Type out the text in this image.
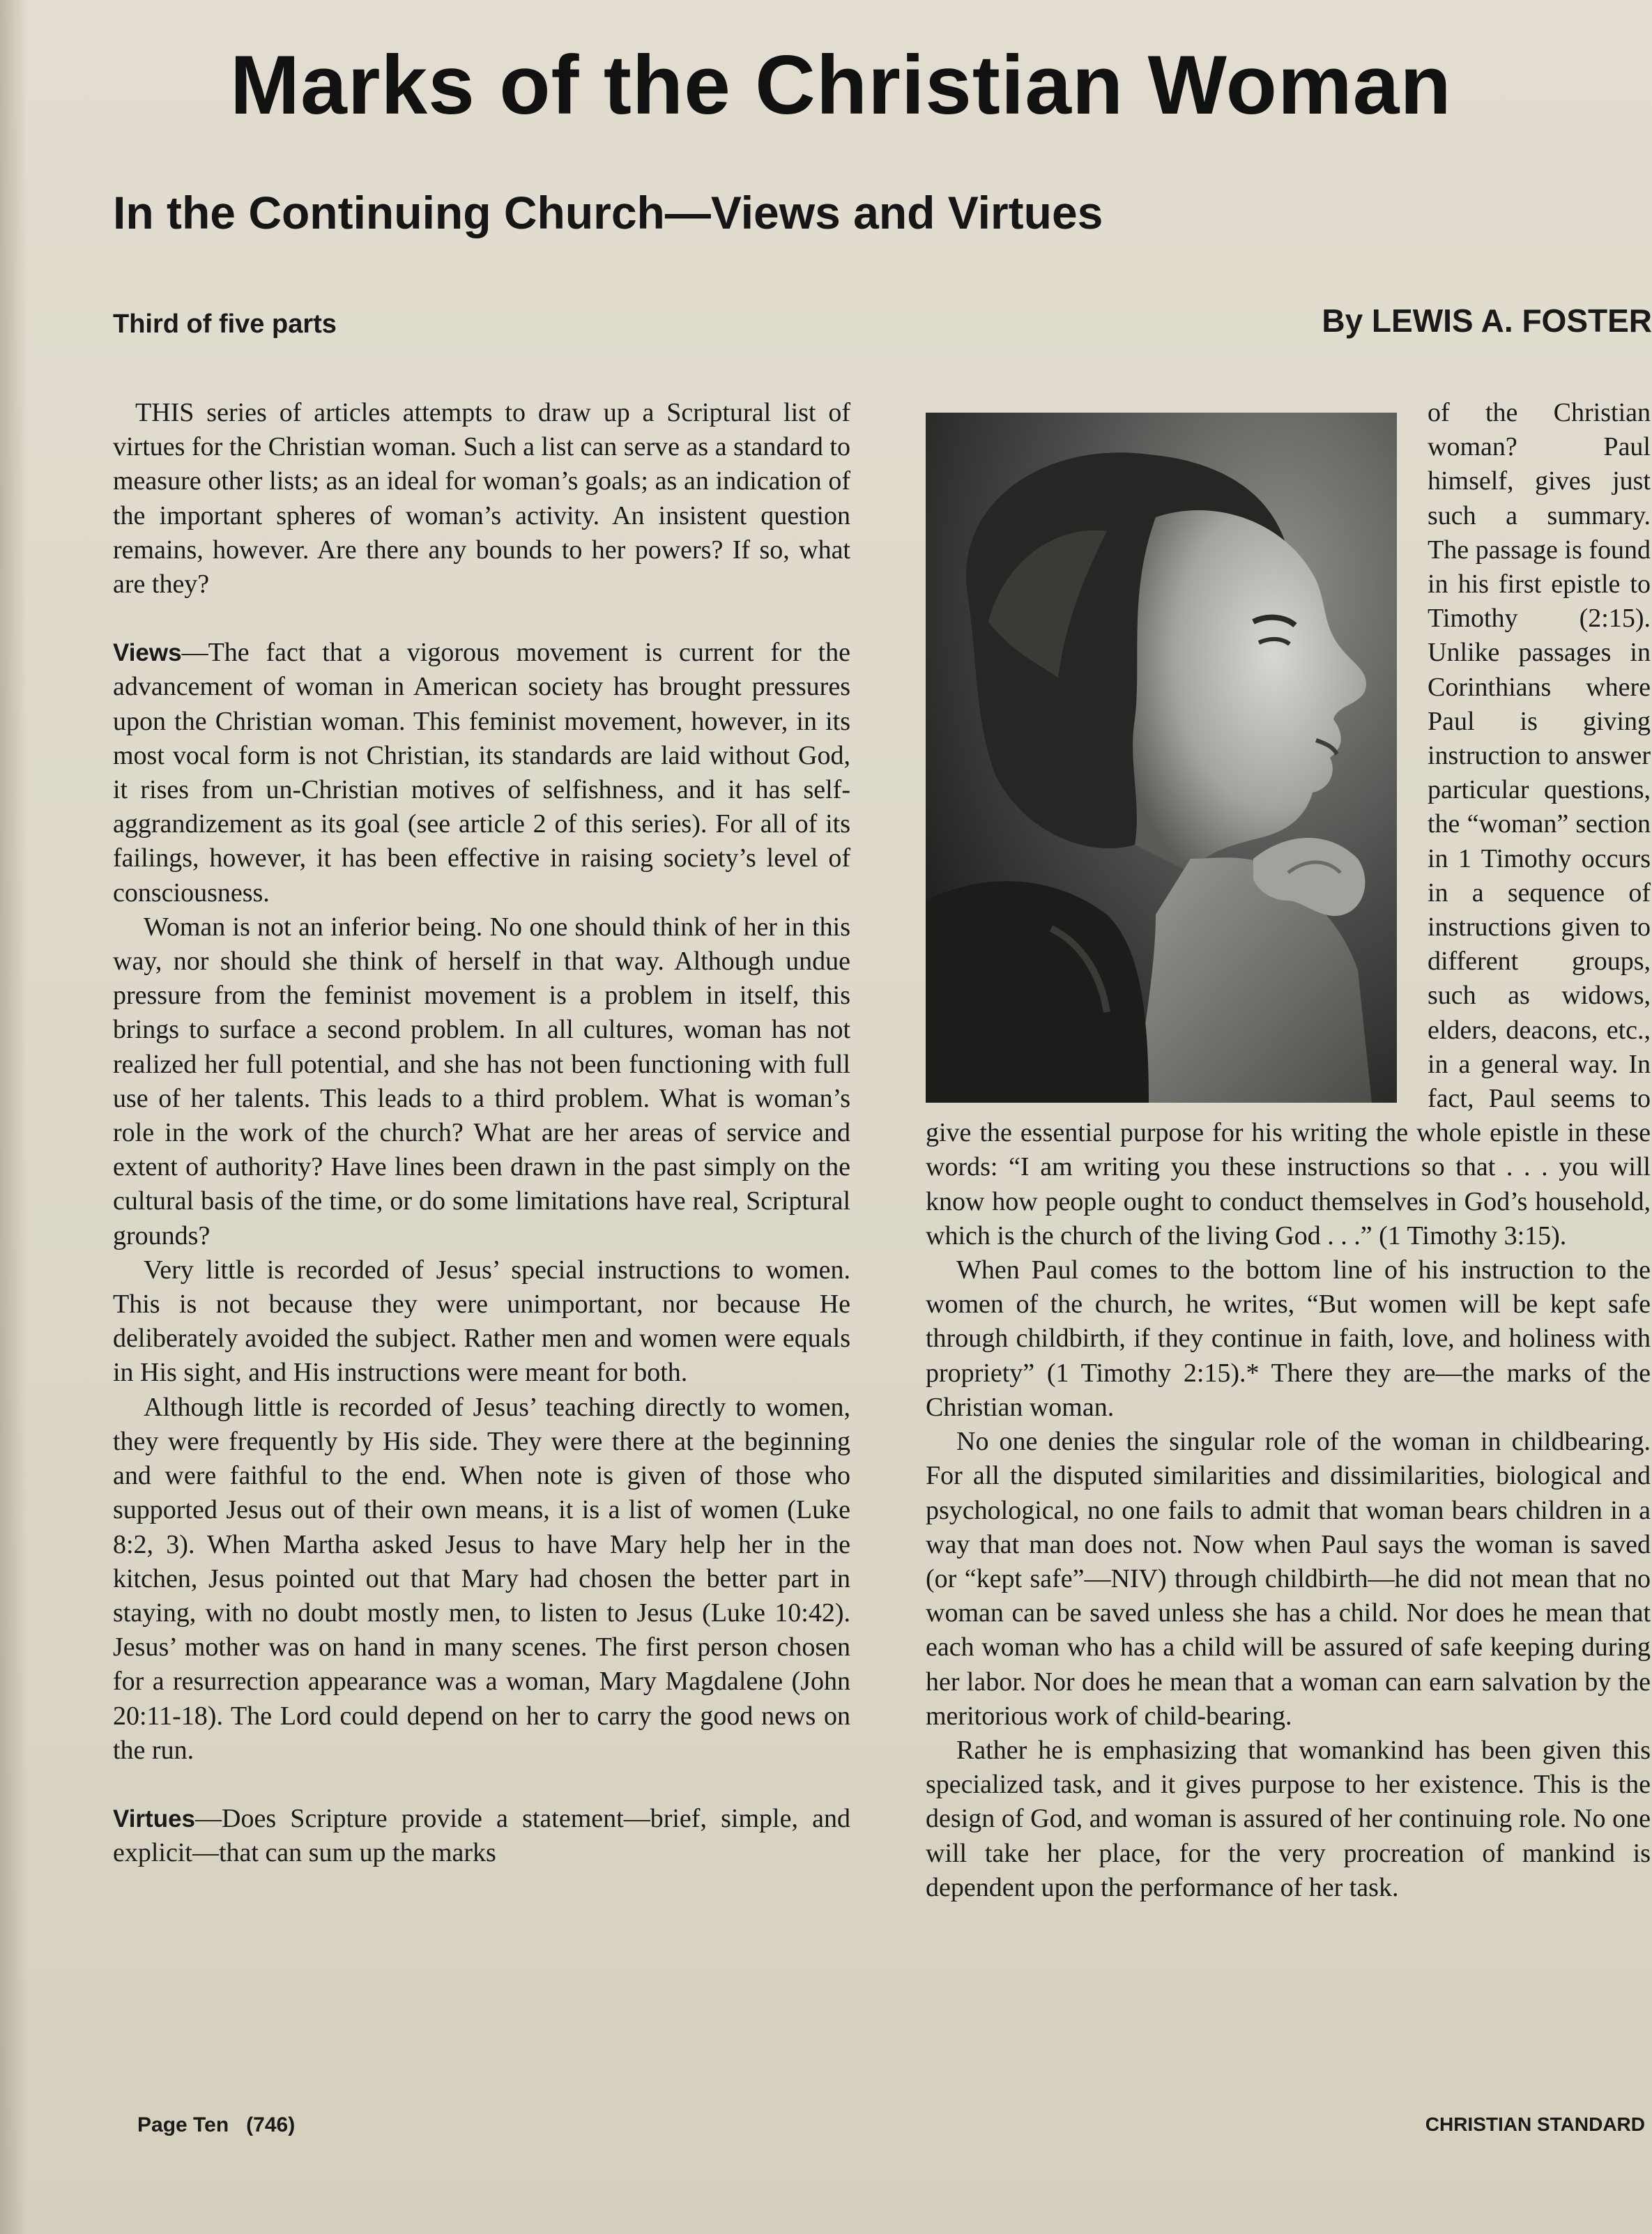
Marks of the Christian Woman
In the Continuing Church—Views and Virtues
Third of five parts	By LEWIS A. FOSTER

THIS series of articles attempts to draw up a Scriptural list of virtues for the Christian woman. Such a list can serve as a standard to measure other lists; as an ideal for woman’s goals; as an indication of the important spheres of woman’s activity. An insistent question remains, however. Are there any bounds to her powers? If so, what are they?

Views—The fact that a vigorous movement is current for the advancement of woman in American society has brought pressures upon the Christian woman. This feminist movement, however, in its most vocal form is not Christian, its standards are laid without God, it rises from un-Christian motives of selfishness, and it has self-aggrandizement as its goal (see article 2 of this series). For all of its failings, however, it has been effective in raising society’s level of consciousness.

Woman is not an inferior being. No one should think of her in this way, nor should she think of herself in that way. Although undue pressure from the feminist movement is a problem in itself, this brings to surface a second problem. In all cultures, woman has not realized her full potential, and she has not been functioning with full use of her talents. This leads to a third problem. What is woman’s role in the work of the church? What are her areas of service and extent of authority? Have lines been drawn in the past simply on the cultural basis of the time, or do some limitations have real, Scriptural grounds?

Very little is recorded of Jesus’ special instructions to women. This is not because they were unimportant, nor because He deliberately avoided the subject. Rather men and women were equals in His sight, and His instructions were meant for both.

Although little is recorded of Jesus’ teaching directly to women, they were frequently by His side. They were there at the beginning and were faithful to the end. When note is given of those who supported Jesus out of their own means, it is a list of women (Luke 8:2, 3). When Martha asked Jesus to have Mary help her in the kitchen, Jesus pointed out that Mary had chosen the better part in staying, with no doubt mostly men, to listen to Jesus (Luke 10:42). Jesus’ mother was on hand in many scenes. The first person chosen for a resurrection appearance was a woman, Mary Magdalene (John 20:11-18). The Lord could depend on her to carry the good news on the run.

Virtues—Does Scripture provide a statement—brief, simple, and explicit—that can sum up the marks

of the Christian woman? Paul himself, gives just such a summary. The passage is found in his first epistle to Timothy (2:15). Unlike passages in Corinthians where Paul is giving instruction to answer particular questions, the “woman” section in 1 Timothy occurs in a sequence of instructions given to different groups, such as widows, elders, deacons, etc., in a general way. In fact, Paul seems to give the essential purpose for his writing the whole epistle in these words: “I am writing you these instructions so that . . . you will know how people ought to conduct themselves in God’s household, which is the church of the living God . . .” (1 Timothy 3:15).

When Paul comes to the bottom line of his instruction to the women of the church, he writes, “But women will be kept safe through childbirth, if they continue in faith, love, and holiness with propriety” (1 Timothy 2:15).* There they are—the marks of the Christian woman.

No one denies the singular role of the woman in childbearing. For all the disputed similarities and dissimilarities, biological and psychological, no one fails to admit that woman bears children in a way that man does not. Now when Paul says the woman is saved (or “kept safe”—NIV) through childbirth—he did not mean that no woman can be saved unless she has a child. Nor does he mean that each woman who has a child will be assured of safe keeping during her labor. Nor does he mean that a woman can earn salvation by the meritorious work of child-bearing.

Rather he is emphasizing that womankind has been given this specialized task, and it gives purpose to her existence. This is the design of God, and woman is assured of her continuing role. No one will take her place, for the very procreation of mankind is dependent upon the performance of her task.

Page Ten   (746)	CHRISTIAN STANDARD
